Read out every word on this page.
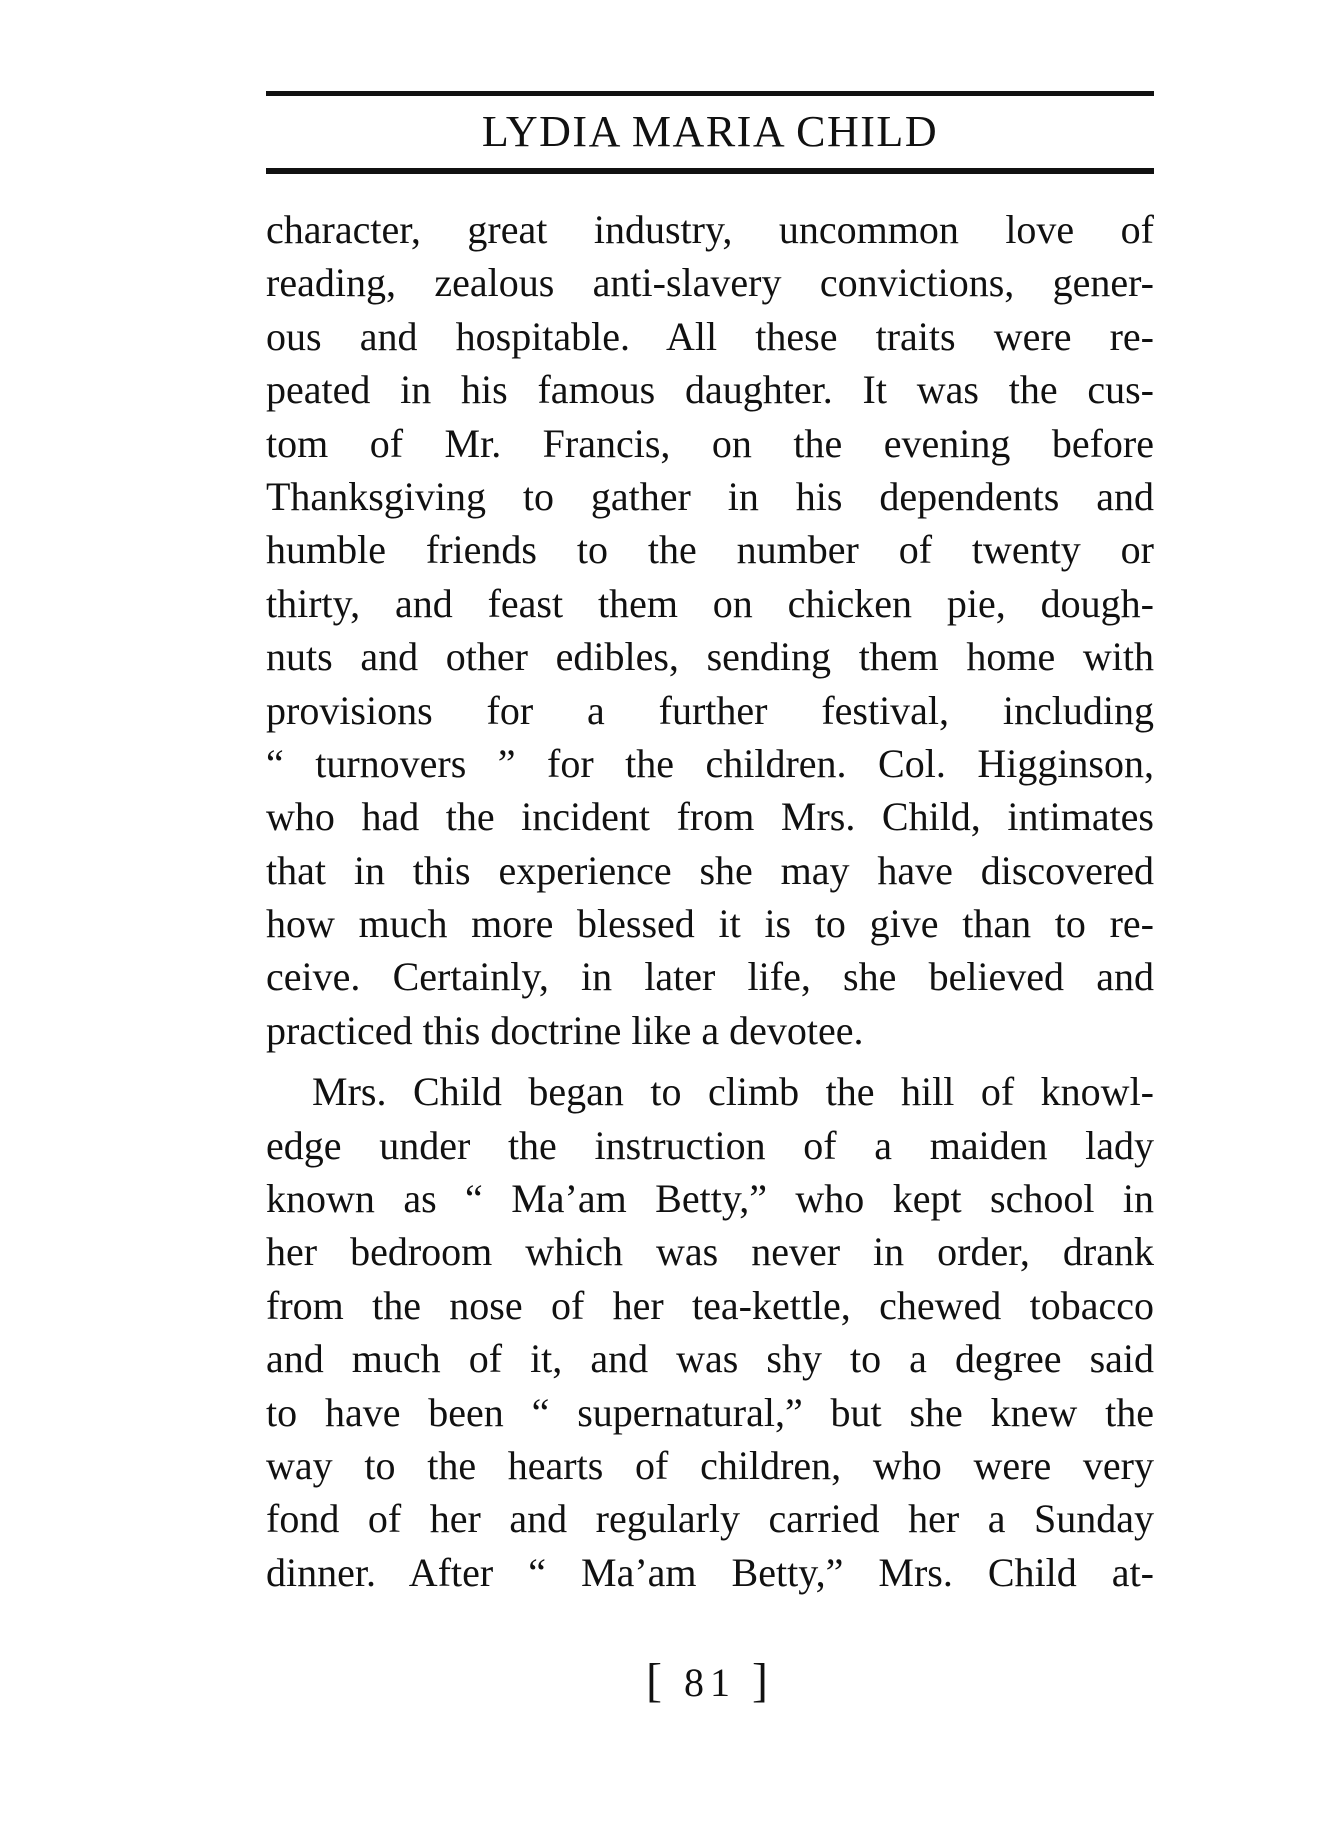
LYDIA MARIA CHILD
character, great industry, uncommon love of
reading, zealous anti-slavery convictions, gener-
ous and hospitable. All these traits were re-
peated in his famous daughter. It was the cus-
tom of Mr. Francis, on the evening before
Thanksgiving to gather in his dependents and
humble friends to the number of twenty or
thirty, and feast them on chicken pie, dough-
nuts and other edibles, sending them home with
provisions for a further festival, including
“ turnovers ” for the children. Col. Higginson,
who had the incident from Mrs. Child, intimates
that in this experience she may have discovered
how much more blessed it is to give than to re-
ceive. Certainly, in later life, she believed and
practiced this doctrine like a devotee.
Mrs. Child began to climb the hill of knowl-
edge under the instruction of a maiden lady
known as “ Ma’am Betty,” who kept school in
her bedroom which was never in order, drank
from the nose of her tea-kettle, chewed tobacco
and much of it, and was shy to a degree said
to have been “ supernatural,” but she knew the
way to the hearts of children, who were very
fond of her and regularly carried her a Sunday
dinner. After “ Ma’am Betty,” Mrs. Child at-
[ 81 ]
